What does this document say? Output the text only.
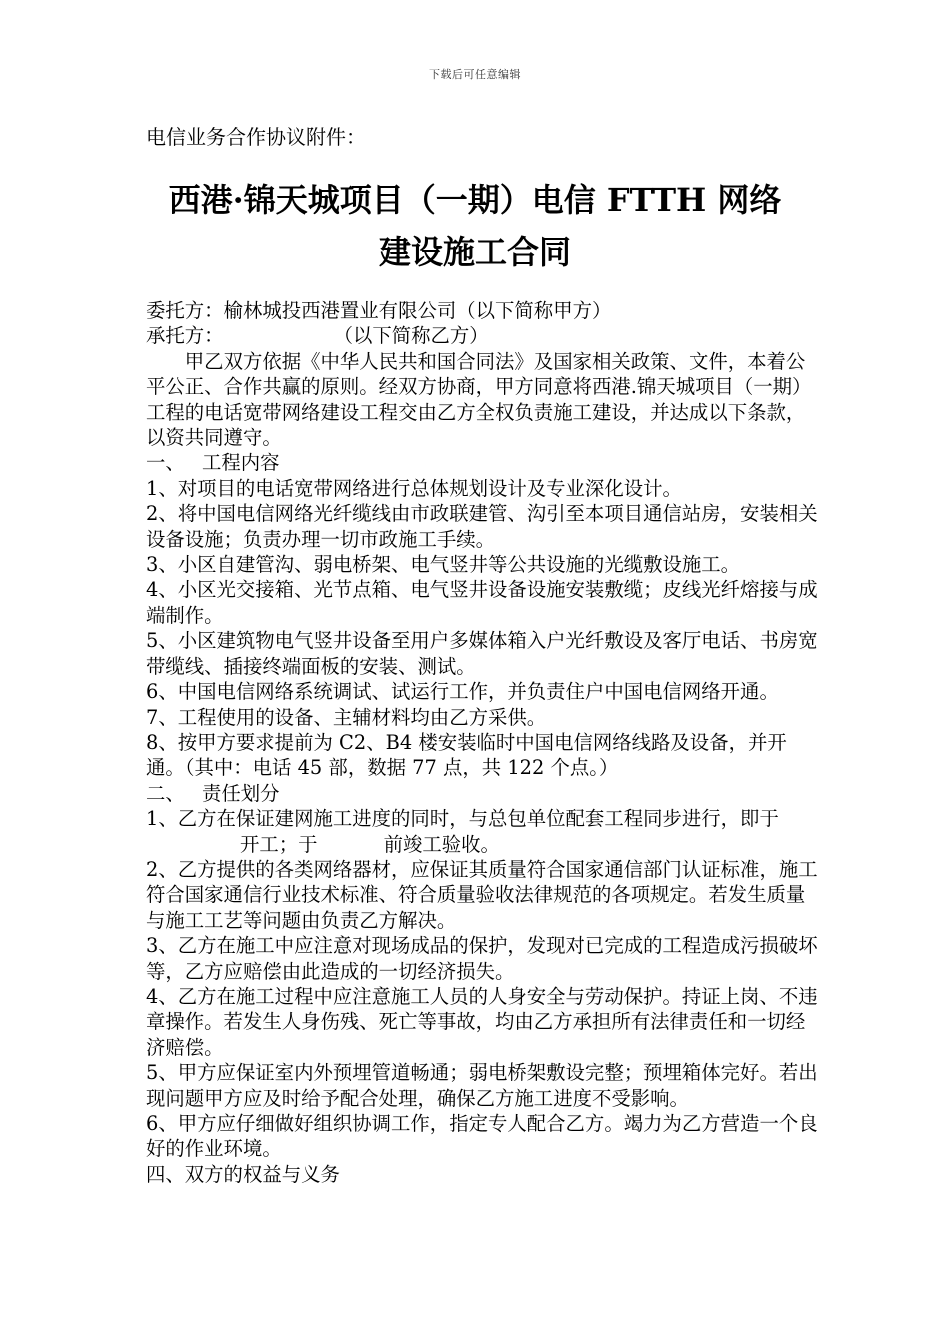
下载后可任意编辑
电信业务合作协议附件：
西港·锦天城项目（一期）电信 FTTH 网络
建设施工合同

委托方：榆林城投西港置业有限公司（以下简称甲方）

承托方：	（以下简称乙方）

甲乙双方依据《中华人民共和国合同法》及国家相关政策、文件，本着公平公正、合作共赢的原则。经双方协商，甲方同意将西港.锦天城项目（一期）工程的电话宽带网络建设工程交由乙方全权负责施工建设，并达成以下条款，以资共同遵守。

一、 工程内容

1、对项目的电话宽带网络进行总体规划设计及专业深化设计。

2、将中国电信网络光纤缆线由市政联建管、沟引至本项目通信站房，安装相关设备设施；负责办理一切市政施工手续。

3、小区自建管沟、弱电桥架、电气竖井等公共设施的光缆敷设施工。

4、小区光交接箱、光节点箱、电气竖井设备设施安装敷缆；皮线光纤熔接与成端制作。

5、小区建筑物电气竖井设备至用户多媒体箱入户光纤敷设及客厅电话、书房宽带缆线、插接终端面板的安装、测试。

6、中国电信网络系统调试、试运行工作，并负责住户中国电信网络开通。

7、工程使用的设备、主辅材料均由乙方采供。

8、按甲方要求提前为 C2、B4 楼安装临时中国电信网络线路及设备，并开通。（其中：电话 45 部，数据 77 点，共 122 个点。）

二、 责任划分

1、乙方在保证建网施工进度的同时，与总包单位配套工程同步进行，即于开工；于	前竣工验收。

2、乙方提供的各类网络器材，应保证其质量符合国家通信部门认证标准，施工符合国家通信行业技术标准、符合质量验收法律规范的各项规定。若发生质量与施工工艺等问题由负责乙方解决。

3、乙方在施工中应注意对现场成品的保护，发现对已完成的工程造成污损破坏等，乙方应赔偿由此造成的一切经济损失。

4、乙方在施工过程中应注意施工人员的人身安全与劳动保护。持证上岗、不违章操作。若发生人身伤残、死亡等事故，均由乙方承担所有法律责任和一切经济赔偿。

5、甲方应保证室内外预埋管道畅通；弱电桥架敷设完整；预埋箱体完好。若出现问题甲方应及时给予配合处理，确保乙方施工进度不受影响。

6、甲方应仔细做好组织协调工作，指定专人配合乙方。竭力为乙方营造一个良好的作业环境。

四、双方的权益与义务
